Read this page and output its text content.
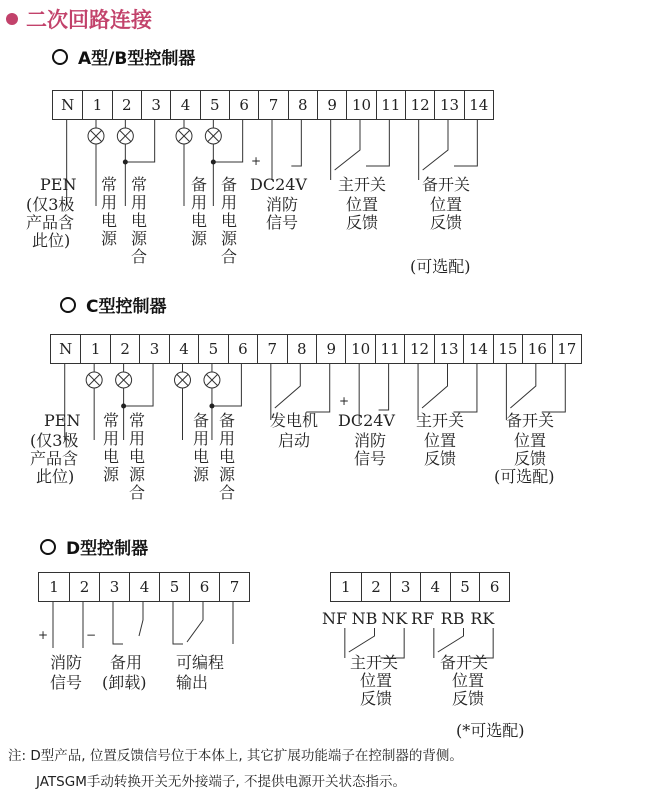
二次回路连接
A型/B型控制器
N	1	2	3	4	5	6	7	8	9	10 11 12 13 14
PEN
(仅3极
产品含
此位)
常
用
电
源
常
用
电
源
合
备
用
电
源
备
用
电
源
合
+
DC24V
消防
信号
主开关
位置
反馈
备开关
位置
反馈
(可选配)
C型控制器
N	1	2	3	4	5	6	7	8	9	10 11 12 13 14 15 16 17
PEN
(仅3极
产品含
此位)
常
用
电
源
常
用
电
源
合
备
用
电
源
备
用
电
源
合
发电机
启动
+
DC24V
消防
信号
主开关
位置
反馈
备开关
位置
反馈
(可选配)
D型控制器
1	2	3	4	5	6	7	1	2	3	4	5	6
NF NB NK RF RB RK
+	−
消防
信号
备用
(卸载)
可编程
输出
主开关
位置
反馈
备开关
位置
反馈
(*可选配)
注: D型产品, 位置反馈信号位于本体上, 其它扩展功能端子在控制器的背侧。
JATSGM手动转换开关无外接端子, 不提供电源开关状态指示。
